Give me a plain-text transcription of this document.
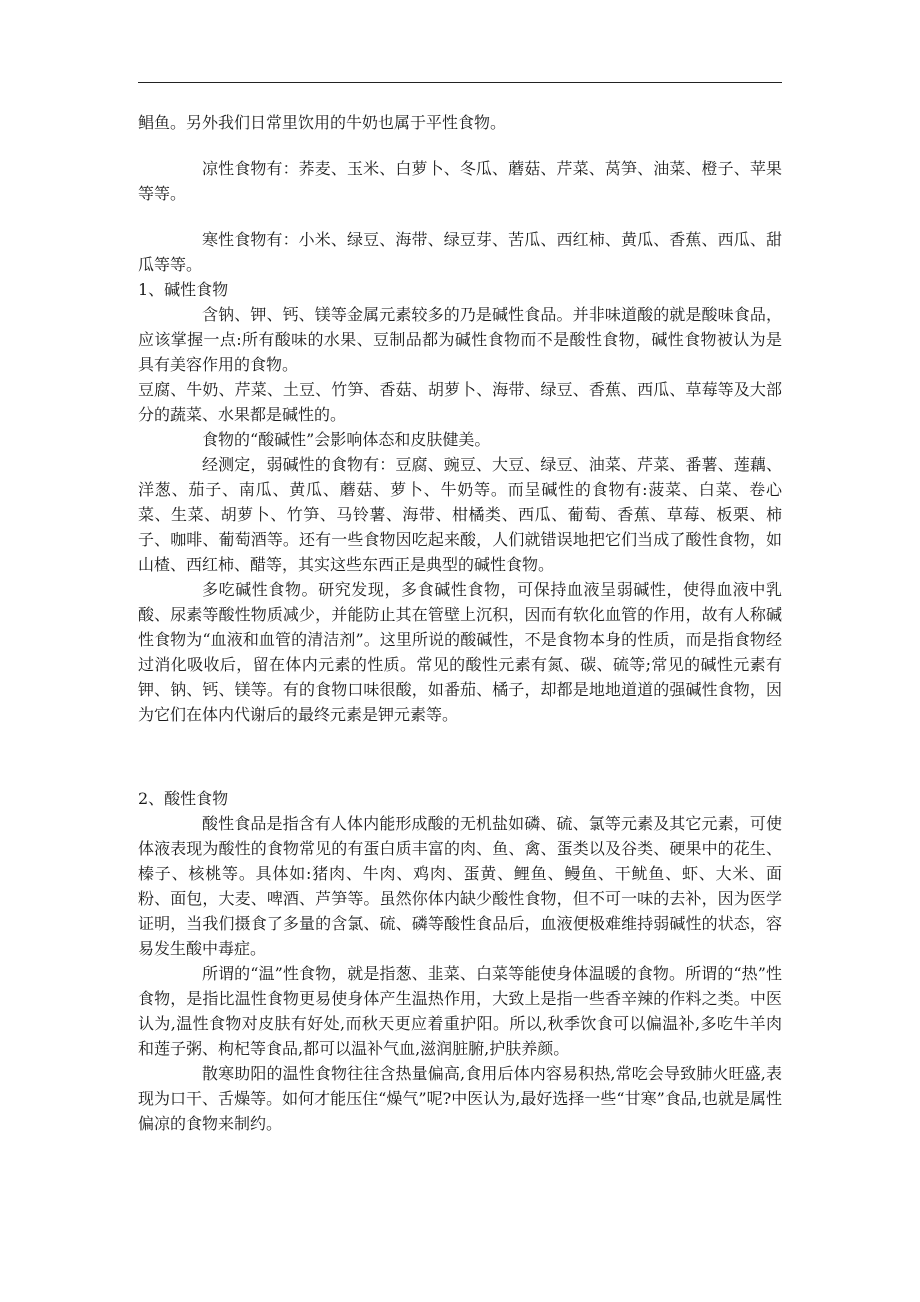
鲳鱼。另外我们日常里饮用的牛奶也属于平性食物。

凉性食物有：荞麦、玉米、白萝卜、冬瓜、蘑菇、芹菜、莴笋、油菜、橙子、苹果等等。

寒性食物有：小米、绿豆、海带、绿豆芽、苦瓜、西红柿、黄瓜、香蕉、西瓜、甜瓜等等。

1、碱性食物

含钠、钾、钙、镁等金属元素较多的乃是碱性食品。并非味道酸的就是酸味食品，应该掌握一点:所有酸味的水果、豆制品都为碱性食物而不是酸性食物，碱性食物被认为是具有美容作用的食物。

豆腐、牛奶、芹菜、土豆、竹笋、香菇、胡萝卜、海带、绿豆、香蕉、西瓜、草莓等及大部分的蔬菜、水果都是碱性的。

食物的“酸碱性”会影响体态和皮肤健美。

经测定，弱碱性的食物有：豆腐、豌豆、大豆、绿豆、油菜、芹菜、番薯、莲藕、洋葱、茄子、南瓜、黄瓜、蘑菇、萝卜、牛奶等。而呈碱性的食物有:菠菜、白菜、卷心菜、生菜、胡萝卜、竹笋、马铃薯、海带、柑橘类、西瓜、葡萄、香蕉、草莓、板栗、柿子、咖啡、葡萄酒等。还有一些食物因吃起来酸，人们就错误地把它们当成了酸性食物，如山楂、西红柿、醋等，其实这些东西正是典型的碱性食物。

多吃碱性食物。研究发现，多食碱性食物，可保持血液呈弱碱性，使得血液中乳酸、尿素等酸性物质减少，并能防止其在管壁上沉积，因而有软化血管的作用，故有人称碱性食物为“血液和血管的清洁剂”。这里所说的酸碱性，不是食物本身的性质，而是指食物经过消化吸收后，留在体内元素的性质。常见的酸性元素有氮、碳、硫等;常见的碱性元素有钾、钠、钙、镁等。有的食物口味很酸，如番茄、橘子，却都是地地道道的强碱性食物，因为它们在体内代谢后的最终元素是钾元素等。

2、酸性食物

酸性食品是指含有人体内能形成酸的无机盐如磷、硫、氯等元素及其它元素，可使体液表现为酸性的食物常见的有蛋白质丰富的肉、鱼、禽、蛋类以及谷类、硬果中的花生、榛子、核桃等。具体如:猪肉、牛肉、鸡肉、蛋黄、鲤鱼、鳗鱼、干鱿鱼、虾、大米、面粉、面包，大麦、啤酒、芦笋等。虽然你体内缺少酸性食物，但不可一味的去补，因为医学证明，当我们摄食了多量的含氯、硫、磷等酸性食品后，血液便极难维持弱碱性的状态，容易发生酸中毒症。

所谓的“温”性食物，就是指葱、韭菜、白菜等能使身体温暖的食物。所谓的“热”性食物，是指比温性食物更易使身体产生温热作用，大致上是指一些香辛辣的作料之类。中医认为,温性食物对皮肤有好处,而秋天更应着重护阳。所以,秋季饮食可以偏温补,多吃牛羊肉和莲子粥、枸杞等食品,都可以温补气血,滋润脏腑,护肤养颜。

散寒助阳的温性食物往往含热量偏高,食用后体内容易积热,常吃会导致肺火旺盛,表现为口干、舌燥等。如何才能压住“燥气”呢?中医认为,最好选择一些“甘寒”食品,也就是属性偏凉的食物来制约。
